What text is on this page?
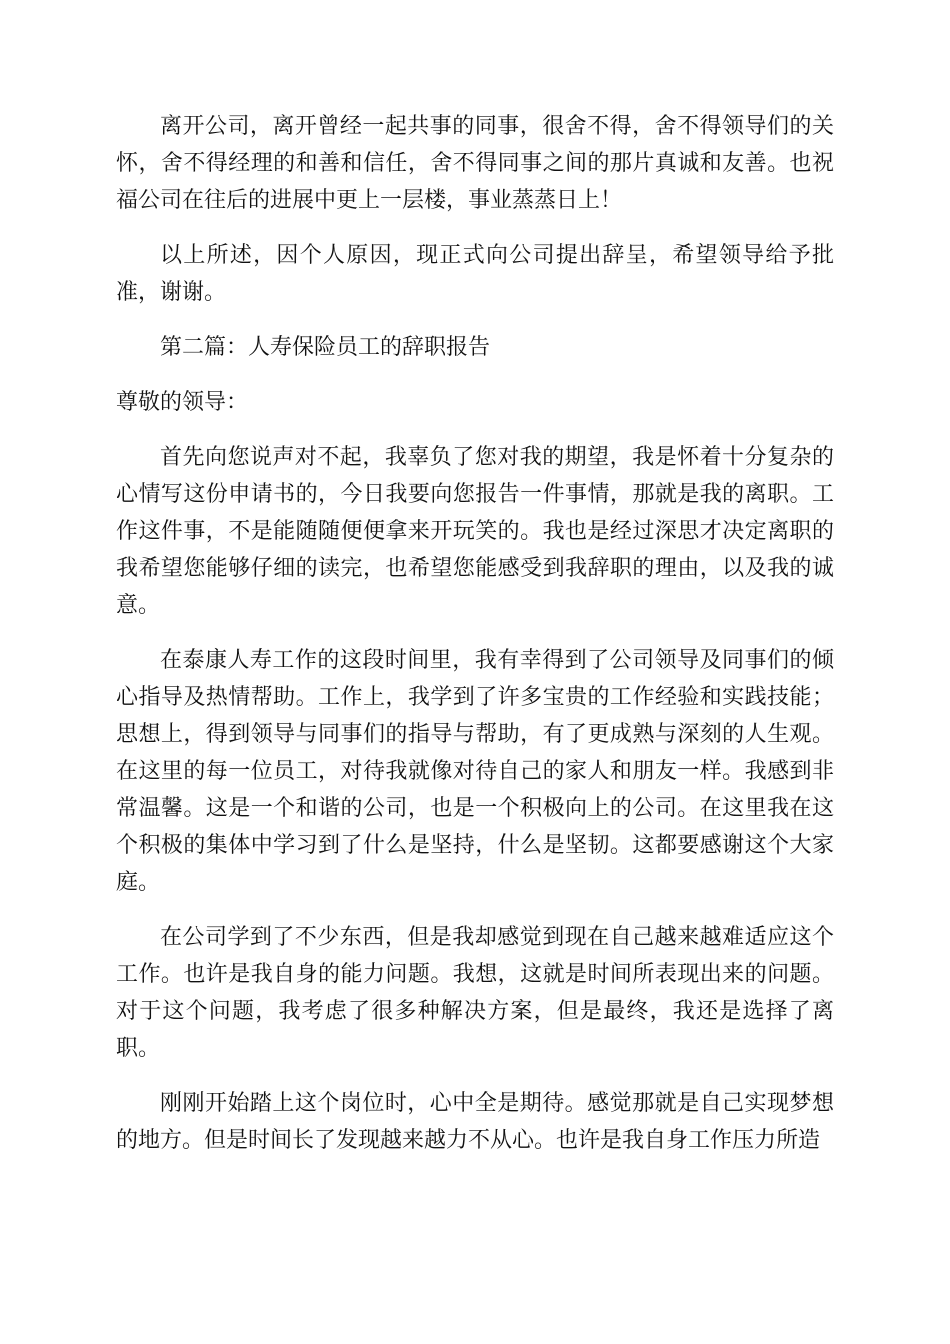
离开公司，离开曾经一起共事的同事，很舍不得，舍不得领导们的关怀，舍不得经理的和善和信任，舍不得同事之间的那片真诚和友善。也祝福公司在往后的进展中更上一层楼，事业蒸蒸日上！

以上所述，因个人原因，现正式向公司提出辞呈，希望领导给予批准，谢谢。

第二篇：人寿保险员工的辞职报告

尊敬的领导：

首先向您说声对不起，我辜负了您对我的期望，我是怀着十分复杂的心情写这份申请书的，今日我要向您报告一件事情，那就是我的离职。工作这件事，不是能随随便便拿来开玩笑的。我也是经过深思才决定离职的我希望您能够仔细的读完，也希望您能感受到我辞职的理由，以及我的诚意。

在泰康人寿工作的这段时间里，我有幸得到了公司领导及同事们的倾心指导及热情帮助。工作上，我学到了许多宝贵的工作经验和实践技能；思想上，得到领导与同事们的指导与帮助，有了更成熟与深刻的人生观。在这里的每一位员工，对待我就像对待自己的家人和朋友一样。我感到非常温馨。这是一个和谐的公司，也是一个积极向上的公司。在这里我在这个积极的集体中学习到了什么是坚持，什么是坚韧。这都要感谢这个大家庭。

在公司学到了不少东西，但是我却感觉到现在自己越来越难适应这个工作。也许是我自身的能力问题。我想，这就是时间所表现出来的问题。对于这个问题，我考虑了很多种解决方案，但是最终，我还是选择了离职。

刚刚开始踏上这个岗位时，心中全是期待。感觉那就是自己实现梦想的地方。但是时间长了发现越来越力不从心。也许是我自身工作压力所造
